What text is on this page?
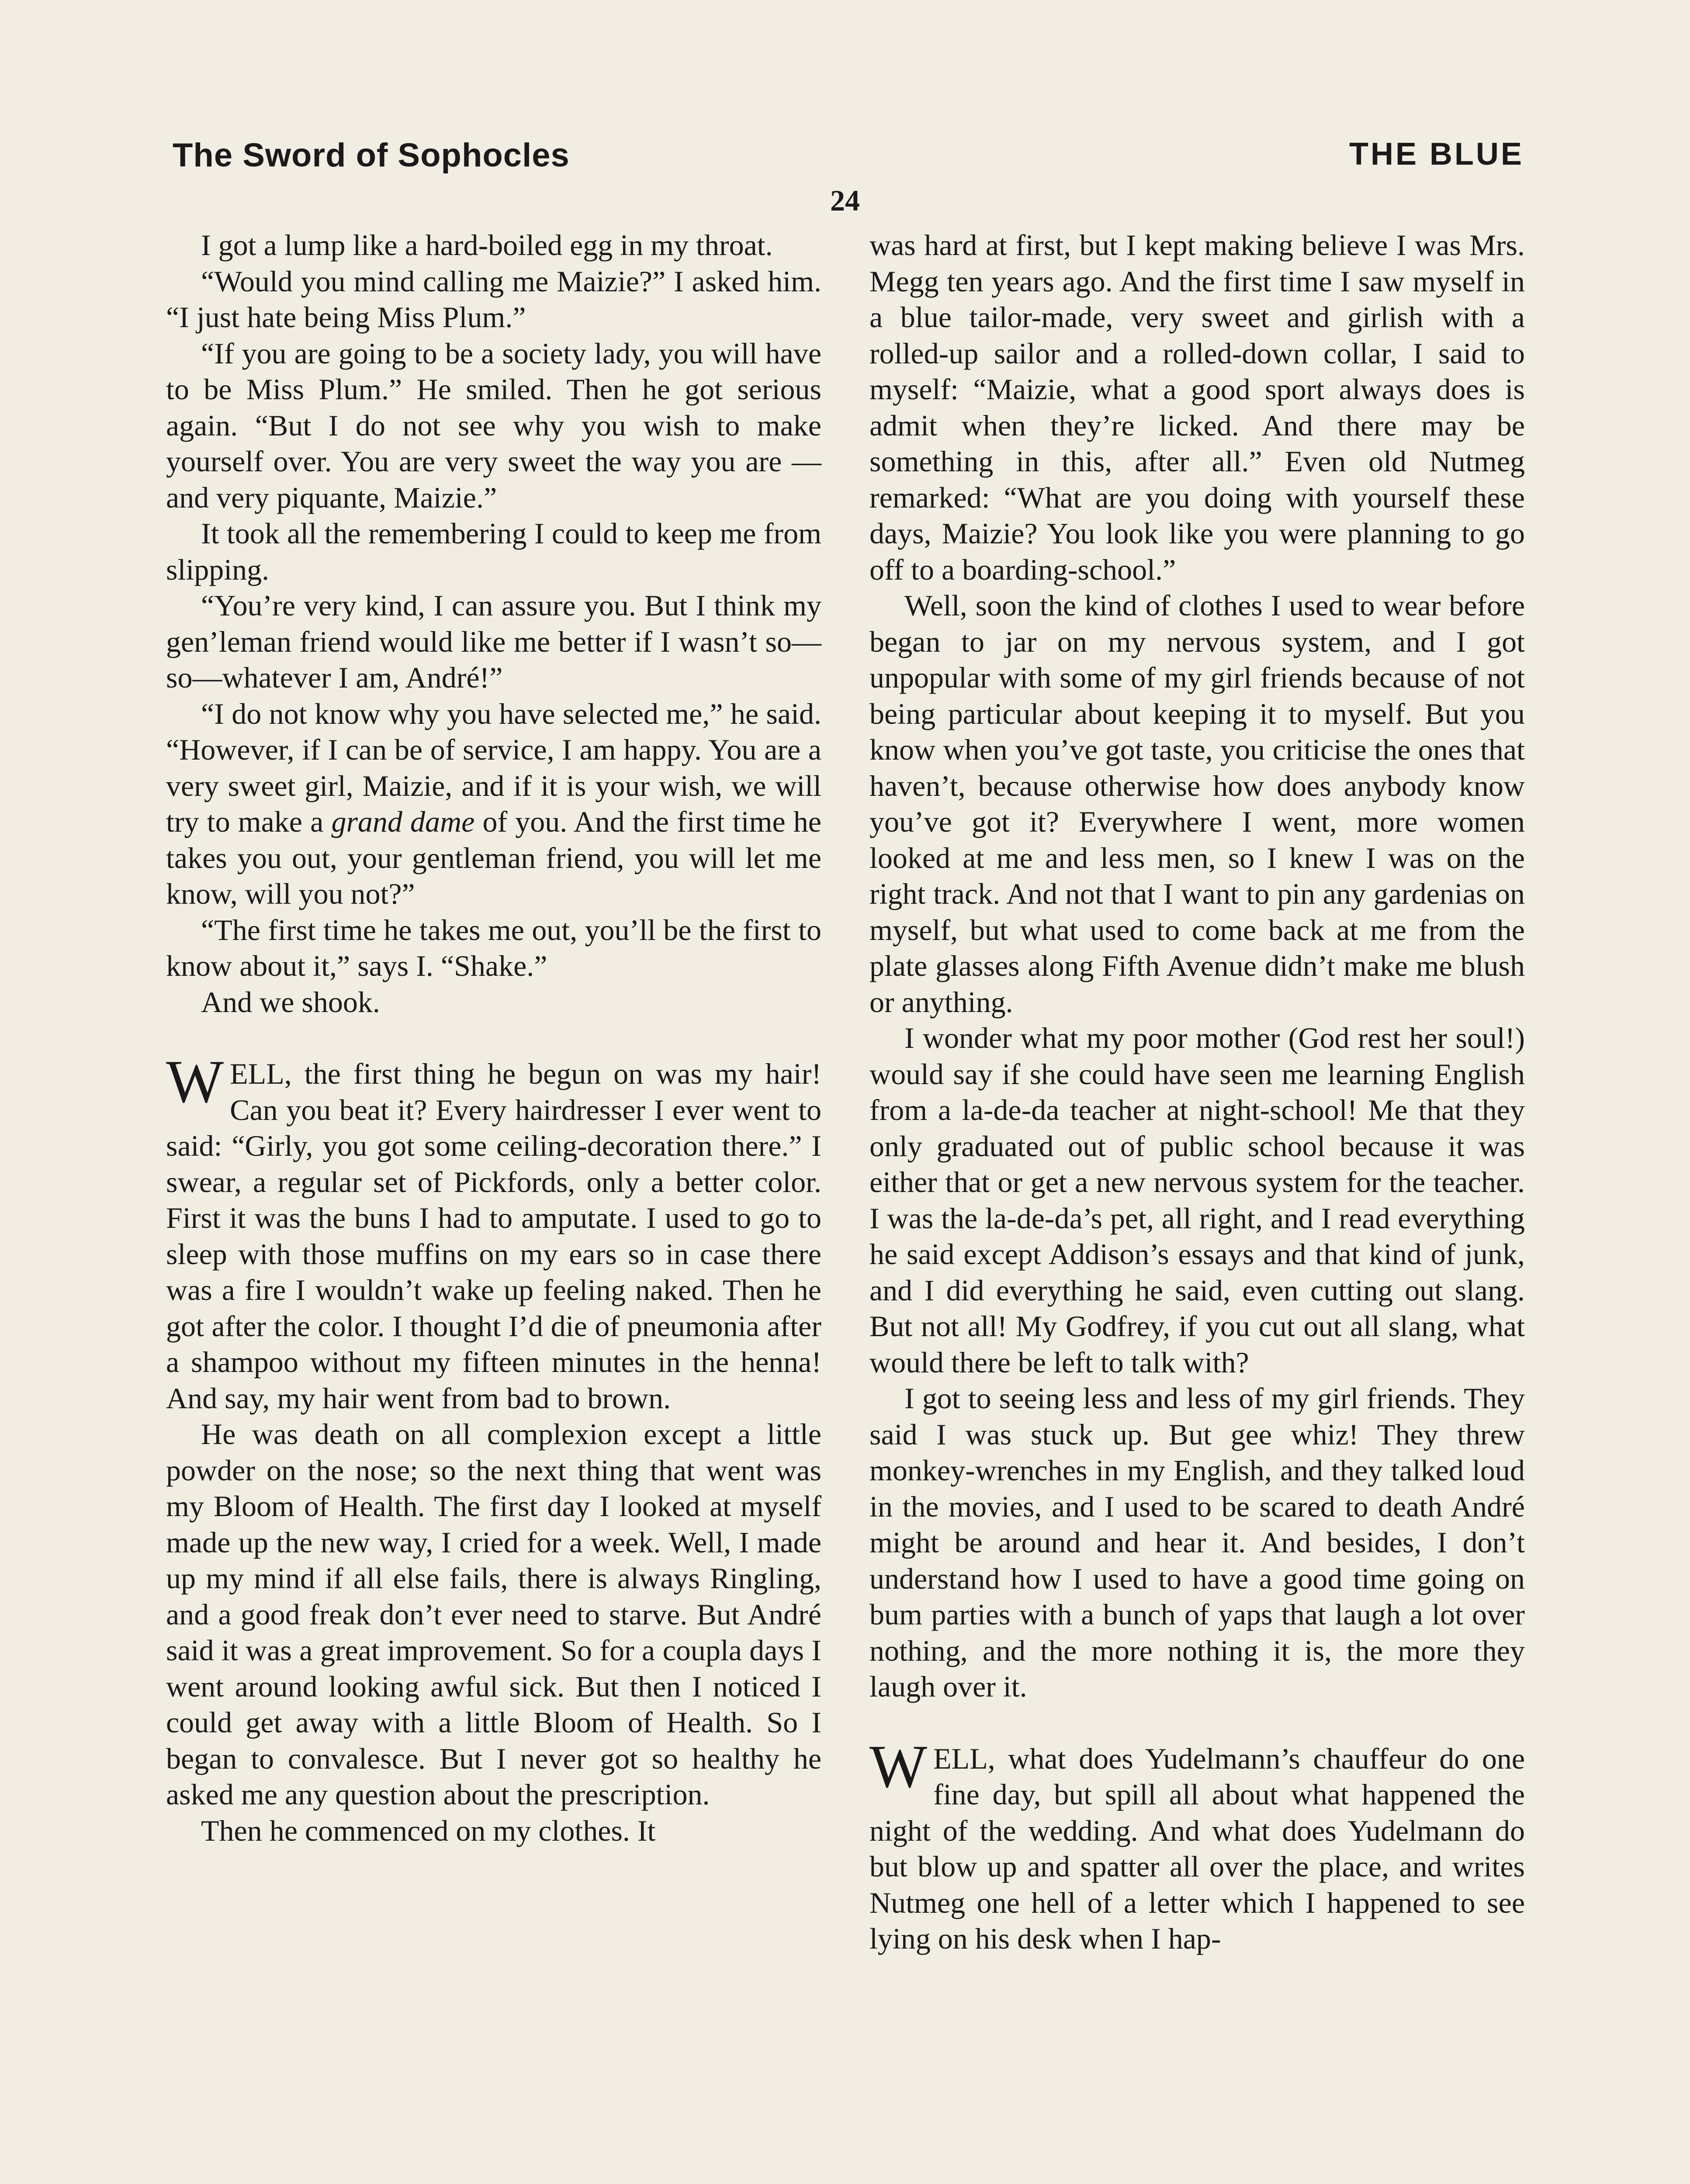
The Sword of Sophocles	THE BLUE
24

I got a lump like a hard-boiled egg in my throat.

“Would you mind calling me Maizie?” I asked him. “I just hate being Miss Plum.”

“If you are going to be a society lady, you will have to be Miss Plum.” He smiled. Then he got serious again. “But I do not see why you wish to make yourself over. You are very sweet the way you are —and very piquante, Maizie.”

It took all the remembering I could to keep me from slipping.

“You’re very kind, I can assure you. But I think my gen’leman friend would like me better if I wasn’t so—so—whatever I am, André!”

“I do not know why you have selected me,” he said. “However, if I can be of service, I am happy. You are a very sweet girl, Maizie, and if it is your wish, we will try to make a grand dame of you. And the first time he takes you out, your gentleman friend, you will let me know, will you not?”

“The first time he takes me out, you’ll be the first to know about it,” says I. “Shake.”

And we shook.

WELL, the first thing he begun on was my hair! Can you beat it? Every hairdresser I ever went to said: “Girly, you got some ceiling-decoration there.” I swear, a regular set of Pickfords, only a better color. First it was the buns I had to amputate. I used to go to sleep with those muffins on my ears so in case there was a fire I wouldn’t wake up feeling naked. Then he got after the color. I thought I’d die of pneumonia after a shampoo without my fifteen minutes in the henna! And say, my hair went from bad to brown.

He was death on all complexion except a little powder on the nose; so the next thing that went was my Bloom of Health. The first day I looked at myself made up the new way, I cried for a week. Well, I made up my mind if all else fails, there is always Ringling, and a good freak don’t ever need to starve. But André said it was a great improvement. So for a coupla days I went around looking awful sick. But then I noticed I could get away with a little Bloom of Health. So I began to convalesce. But I never got so healthy he asked me any question about the prescription.

Then he commenced on my clothes. It

was hard at first, but I kept making believe I was Mrs. Megg ten years ago. And the first time I saw myself in a blue tailor-made, very sweet and girlish with a rolled-up sailor and a rolled-down collar, I said to myself: “Maizie, what a good sport always does is admit when they’re licked. And there may be something in this, after all.” Even old Nutmeg remarked: “What are you doing with yourself these days, Maizie? You look like you were planning to go off to a boarding-school.”

Well, soon the kind of clothes I used to wear before began to jar on my nervous system, and I got unpopular with some of my girl friends because of not being particular about keeping it to myself. But you know when you’ve got taste, you criticise the ones that haven’t, because otherwise how does anybody know you’ve got it? Everywhere I went, more women looked at me and less men, so I knew I was on the right track. And not that I want to pin any gardenias on myself, but what used to come back at me from the plate glasses along Fifth Avenue didn’t make me blush or anything.

I wonder what my poor mother (God rest her soul!) would say if she could have seen me learning English from a la-de-da teacher at night-school! Me that they only graduated out of public school because it was either that or get a new nervous system for the teacher. I was the la-de-da’s pet, all right, and I read everything he said except Addison’s essays and that kind of junk, and I did everything he said, even cutting out slang. But not all! My Godfrey, if you cut out all slang, what would there be left to talk with?

I got to seeing less and less of my girl friends. They said I was stuck up. But gee whiz! They threw monkey-wrenches in my English, and they talked loud in the movies, and I used to be scared to death André might be around and hear it. And besides, I don’t understand how I used to have a good time going on bum parties with a bunch of yaps that laugh a lot over nothing, and the more nothing it is, the more they laugh over it.

WELL, what does Yudelmann’s chauffeur do one fine day, but spill all about what happened the night of the wedding. And what does Yudelmann do but blow up and spatter all over the place, and writes Nutmeg one hell of a letter which I happened to see lying on his desk when I hap-
